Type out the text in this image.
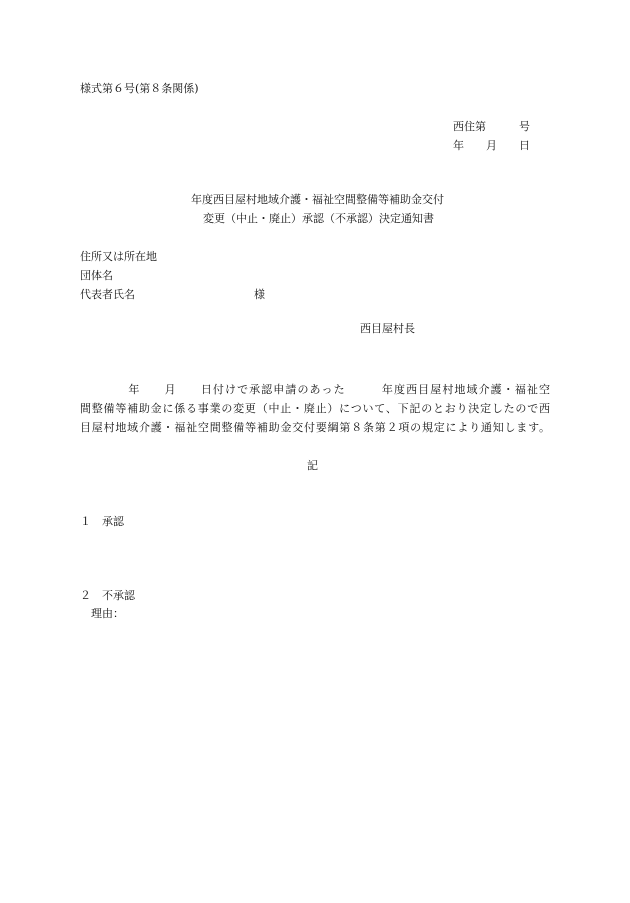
様式第６号(第８条関係)
西住第　　　号
年　　月　　日
年度西目屋村地域介護・福祉空間整備等補助金交付
変更（中止・廃止）承認（不承認）決定通知書
住所又は所在地
団体名
代表者氏名	様
西目屋村長
　　　　年　　月　　日付けで承認申請のあった　　　年度西目屋村地域介護・福祉空
間整備等補助金に係る事業の変更（中止・廃止）について、下記のとおり決定したので西
目屋村地域介護・福祉空間整備等補助金交付要綱第８条第２項の規定により通知します。
記
１　承認
２　不承認
理由：
